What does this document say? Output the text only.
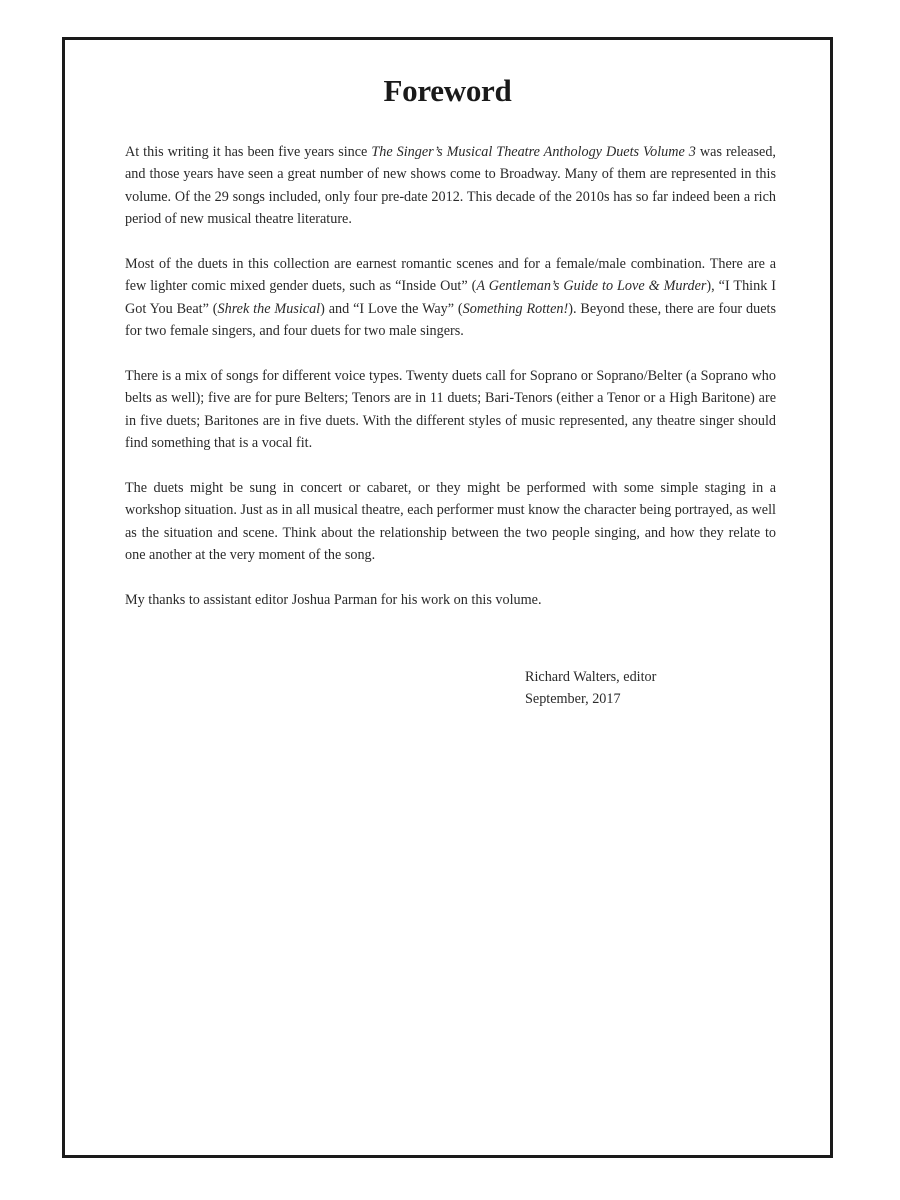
Foreword

At this writing it has been five years since The Singer’s Musical Theatre Anthology Duets Volume 3 was released, and those years have seen a great number of new shows come to Broadway. Many of them are represented in this volume. Of the 29 songs included, only four pre-date 2012. This decade of the 2010s has so far indeed been a rich period of new musical theatre literature.

Most of the duets in this collection are earnest romantic scenes and for a female/male combination. There are a few lighter comic mixed gender duets, such as “Inside Out” (A Gentleman’s Guide to Love & Murder), “I Think I Got You Beat” (Shrek the Musical) and “I Love the Way” (Something Rotten!). Beyond these, there are four duets for two female singers, and four duets for two male singers.

There is a mix of songs for different voice types. Twenty duets call for Soprano or Soprano/Belter (a Soprano who belts as well); five are for pure Belters; Tenors are in 11 duets; Bari-Tenors (either a Tenor or a High Baritone) are in five duets; Baritones are in five duets. With the different styles of music represented, any theatre singer should find something that is a vocal fit.

The duets might be sung in concert or cabaret, or they might be performed with some simple staging in a workshop situation. Just as in all musical theatre, each performer must know the character being portrayed, as well as the situation and scene. Think about the relationship between the two people singing, and how they relate to one another at the very moment of the song.

My thanks to assistant editor Joshua Parman for his work on this volume.

Richard Walters, editor
September, 2017
